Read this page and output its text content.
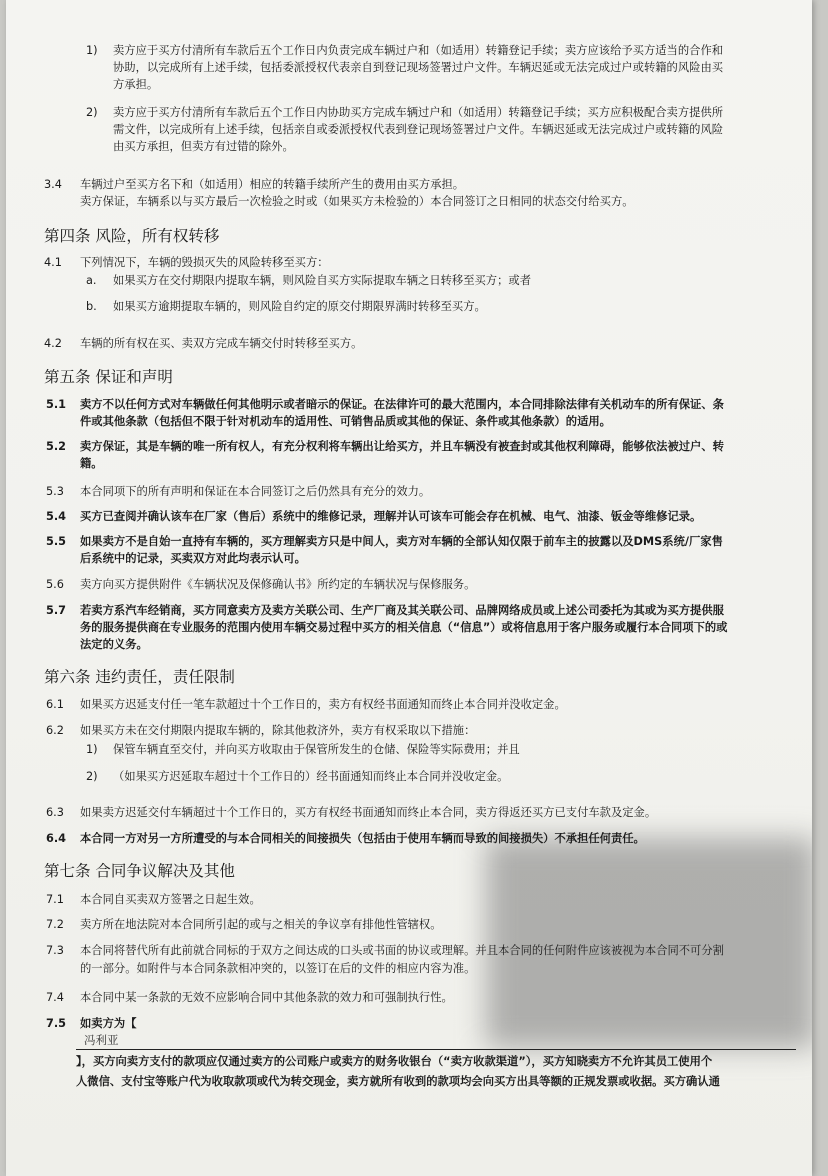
1) 卖方应于买方付清所有车款后五个工作日内负责完成车辆过户和（如适用）转籍登记手续；卖方应该给予买方适当的合作和
协助，以完成所有上述手续，包括委派授权代表亲自到登记现场签署过户文件。车辆迟延或无法完成过户或转籍的风险由买
方承担。
2) 卖方应于买方付清所有车款后五个工作日内协助买方完成车辆过户和（如适用）转籍登记手续；买方应积极配合卖方提供所
需文件，以完成所有上述手续，包括亲自或委派授权代表到登记现场签署过户文件。车辆迟延或无法完成过户或转籍的风险
由买方承担，但卖方有过错的除外。
3.4 车辆过户至买方名下和（如适用）相应的转籍手续所产生的费用由买方承担。
卖方保证，车辆系以与买方最后一次检验之时或（如果买方未检验的）本合同签订之日相同的状态交付给买方。
4.1 下列情况下，车辆的毁损灭失的风险转移至买方：
a. 如果买方在交付期限内提取车辆，则风险自买方实际提取车辆之日转移至买方；或者
b. 如果买方逾期提取车辆的，则风险自约定的原交付期限界满时转移至买方。
4.2 车辆的所有权在买、卖双方完成车辆交付时转移至买方。
5.1 卖方不以任何方式对车辆做任何其他明示或者暗示的保证。在法律许可的最大范围内，本合同排除法律有关机动车的所有保证、条
件或其他条款（包括但不限于针对机动车的适用性、可销售品质或其他的保证、条件或其他条款）的适用。
5.2 卖方保证，其是车辆的唯一所有权人，有充分权利将车辆出让给买方，并且车辆没有被查封或其他权利障碍，能够依法被过户、转
籍。
5.3 本合同项下的所有声明和保证在本合同签订之后仍然具有充分的效力。
5.4 买方已查阅并确认该车在厂家（售后）系统中的维修记录，理解并认可该车可能会存在机械、电气、油漆、钣金等维修记录。
5.5 如果卖方不是自始一直持有车辆的，买方理解卖方只是中间人，卖方对车辆的全部认知仅限于前车主的披露以及DMS系统/厂家售
后系统中的记录，买卖双方对此均表示认可。
5.6 卖方向买方提供附件《车辆状况及保修确认书》所约定的车辆状况与保修服务。
5.7 若卖方系汽车经销商，买方同意卖方及卖方关联公司、生产厂商及其关联公司、品牌网络成员或上述公司委托为其或为买方提供服
务的服务提供商在专业服务的范围内使用车辆交易过程中买方的相关信息（“信息”）或将信息用于客户服务或履行本合同项下的或
法定的义务。
6.1 如果买方迟延支付任一笔车款超过十个工作日的，卖方有权经书面通知而终止本合同并没收定金。
6.2 如果买方未在交付期限内提取车辆的，除其他救济外，卖方有权采取以下措施：
1) 保管车辆直至交付，并向买方收取由于保管所发生的仓储、保险等实际费用；并且
2) （如果买方迟延取车超过十个工作日的）经书面通知而终止本合同并没收定金。
6.3 如果卖方迟延交付车辆超过十个工作日的，买方有权经书面通知而终止本合同，卖方得返还买方已支付车款及定金。
6.4 本合同一方对另一方所遭受的与本合同相关的间接损失（包括由于使用车辆而导致的间接损失）不承担任何责任。
7.1 本合同自买卖双方签署之日起生效。
7.2 卖方所在地法院对本合同所引起的或与之相关的争议享有排他性管辖权。
7.3 本合同将替代所有此前就合同标的于双方之间达成的口头或书面的协议或理解。并且本合同的任何附件应该被视为本合同不可分割
的一部分。如附件与本合同条款相冲突的，以签订在后的文件的相应内容为准。
7.4 本合同中某一条款的无效不应影响合同中其他条款的效力和可强制执行性。
7.5 如卖方为【
】，买方向卖方支付的款项应仅通过卖方的公司账户或卖方的财务收银台（“卖方收款渠道”），买方知晓卖方不允许其员工使用个
人微信、支付宝等账户代为收取款项或代为转交现金，卖方就所有收到的款项均会向买方出具等额的正规发票或收据。买方确认通
第四条 风险，所有权转移
第五条 保证和声明
第六条 违约责任，责任限制
第七条 合同争议解决及其他
冯利亚
